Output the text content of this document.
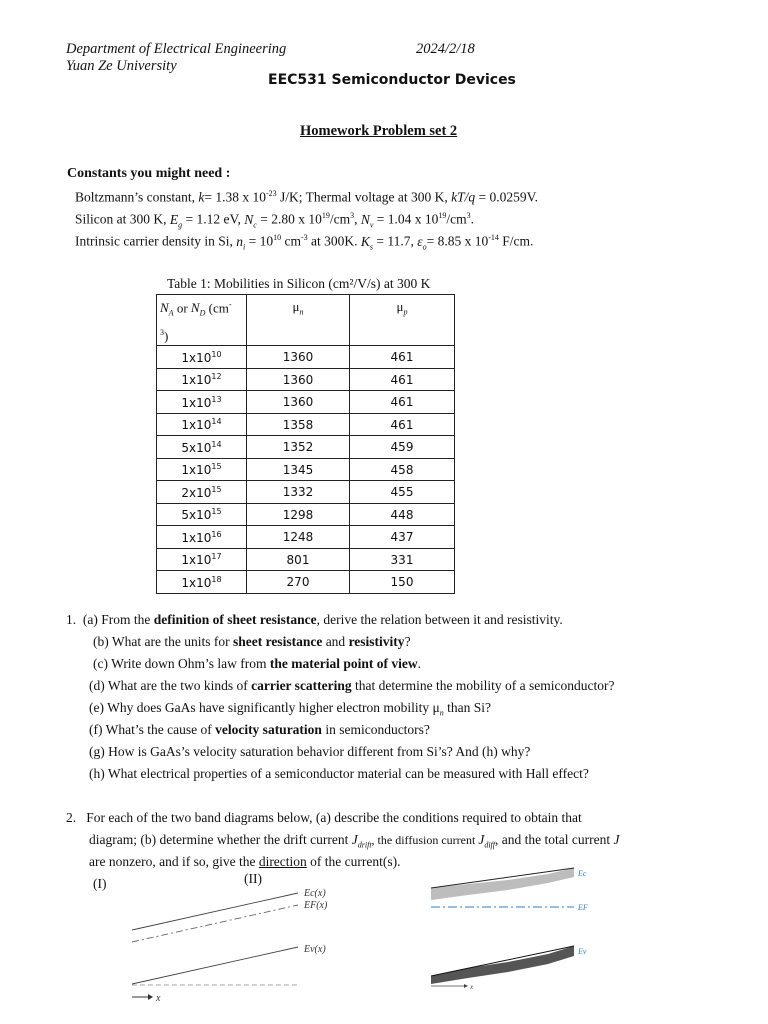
Department of Electrical Engineering
Yuan Ze University
2024/2/18
EEC531 Semiconductor Devices
Homework Problem set 2
Constants you might need :
Boltzmann’s constant, k= 1.38 x $10^{-23}$ J/K; Thermal voltage at 300 K, kT/q = 0.0259V.
Silicon at 300 K, $E_g = 1.12$ eV, $N_c = 2.80$ x $10^{19}/cm^3$, $N_v = 1.04$ x $10^{19}/cm^3$.
Intrinsic carrier density in Si, $n_i = 10^{10}$ $cm^{-3}$ at 300K. $K_s = 11.7$, $\varepsilon_o= 8.85$ x $10^{-14}$ F/cm.
Table 1: Mobilities in Silicon (cm²/V/s) at 300 K
$N_A$ or $N_D$ (cm-
$^3$)	$\mu_n$	$\mu_p$
$1x10^{10}$	1360	461
$1x10^{12}$	1360	461
$1x10^{13}$	1360	461
$1x10^{14}$	1358	461
$5x10^{14}$	1352	459
$1x10^{15}$	1345	458
$2x10^{15}$	1332	455
$5x10^{15}$	1298	448
$1x10^{16}$	1248	437
$1x10^{17}$	801	331
$1x10^{18}$	270	150
1. (a) From the definition of sheet resistance, derive the relation between it and resistivity.
(b) What are the units for sheet resistance and resistivity?
(c) Write down Ohm’s law from the material point of view.
(d) What are the two kinds of carrier scattering that determine the mobility of a semiconductor?
(e) Why does GaAs have significantly higher electron mobility $\mu_n$ than Si?
(f) What’s the cause of velocity saturation in semiconductors?
(g) How is GaAs’s velocity saturation behavior different from Si’s? And (h) why?
(h) What electrical properties of a semiconductor material can be measured with Hall effect?
2. For each of the two band diagrams below, (a) describe the conditions required to obtain that
diagram; (b) determine whether the drift current $J_{drift}$, the diffusion current $J_{diff}$, and the total current J
are nonzero, and if so, give the direction of the current(s).
(I)	(II)
Ec(x)
EF(x)
Ev(x)
x
Ec
EF
Ev
x
